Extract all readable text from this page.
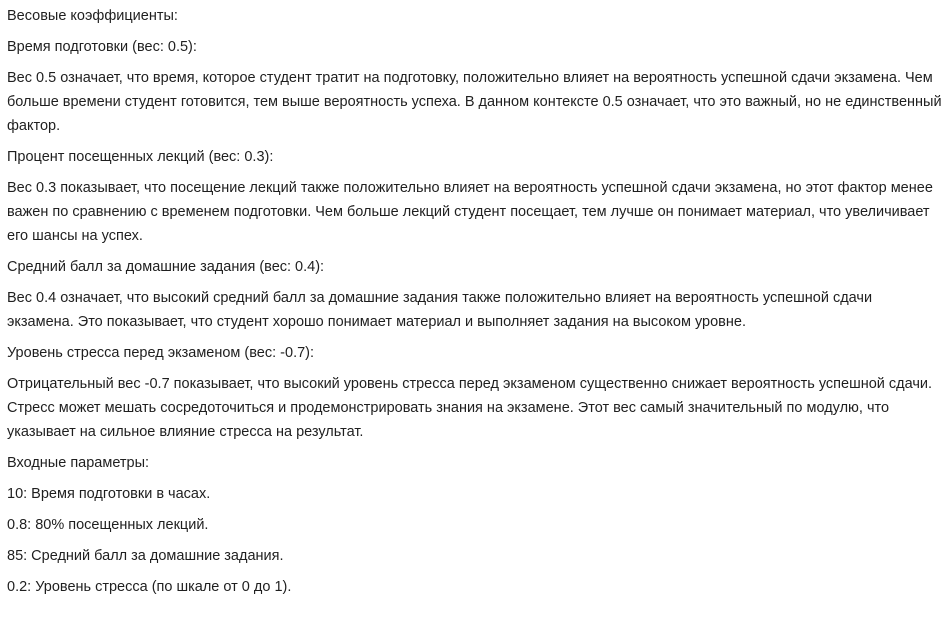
Весовые коэффициенты:

Время подготовки (вес: 0.5):

Вес 0.5 означает, что время, которое студент тратит на подготовку, положительно влияет на вероятность успешной сдачи экзамена. Чем больше времени студент готовится, тем выше вероятность успеха. В данном контексте 0.5 означает, что это важный, но не единственный фактор.

Процент посещенных лекций (вес: 0.3):

Вес 0.3 показывает, что посещение лекций также положительно влияет на вероятность успешной сдачи экзамена, но этот фактор менее важен по сравнению с временем подготовки. Чем больше лекций студент посещает, тем лучше он понимает материал, что увеличивает его шансы на успех.

Средний балл за домашние задания (вес: 0.4):

Вес 0.4 означает, что высокий средний балл за домашние задания также положительно влияет на вероятность успешной сдачи экзамена. Это показывает, что студент хорошо понимает материал и выполняет задания на высоком уровне.

Уровень стресса перед экзаменом (вес: -0.7):

Отрицательный вес -0.7 показывает, что высокий уровень стресса перед экзаменом существенно снижает вероятность успешной сдачи. Стресс может мешать сосредоточиться и продемонстрировать знания на экзамене. Этот вес самый значительный по модулю, что указывает на сильное влияние стресса на результат.

Входные параметры:

10: Время подготовки в часах.

0.8: 80% посещенных лекций.

85: Средний балл за домашние задания.

0.2: Уровень стресса (по шкале от 0 до 1).
